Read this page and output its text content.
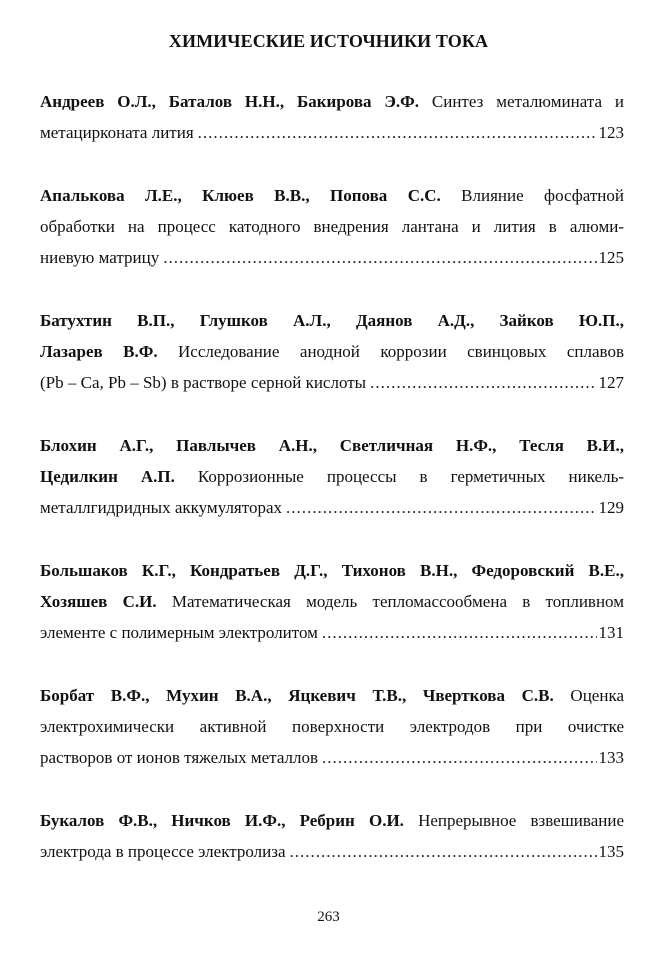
ХИМИЧЕСКИЕ ИСТОЧНИКИ ТОКА
Андреев О.Л., Баталов Н.Н., Бакирова Э.Ф. Синтез металюмината и
метацирконата лития .....	123
Апалькова Л.Е., Клюев В.В., Попова С.С. Влияние фосфатной
обработки на процесс катодного внедрения лантана и лития в алюми-
ниевую матрицу .....	125
Батухтин В.П., Глушков А.Л., Даянов А.Д., Зайков Ю.П.,
Лазарев В.Ф. Исследование анодной коррозии свинцовых сплавов
(Pb – Ca, Pb – Sb) в растворе серной кислоты .....	127
Блохин А.Г., Павлычев А.Н., Светличная Н.Ф., Тесля В.И.,
Цедилкин А.П. Коррозионные процессы в герметичных никель-
металлгидридных аккумуляторах .....	129
Большаков К.Г., Кондратьев Д.Г., Тихонов В.Н., Федоровский В.Е.,
Хозяшев С.И. Математическая модель тепломассообмена в топливном
элементе с полимерным электролитом .....	131
Борбат В.Ф., Мухин В.А., Яцкевич Т.В., Чверткова С.В. Оценка
электрохимически активной поверхности электродов при очистке
растворов от ионов тяжелых металлов .....	133
Букалов Ф.В., Ничков И.Ф., Ребрин О.И. Непрерывное взвешивание
электрода в процессе электролиза .....	135
263
